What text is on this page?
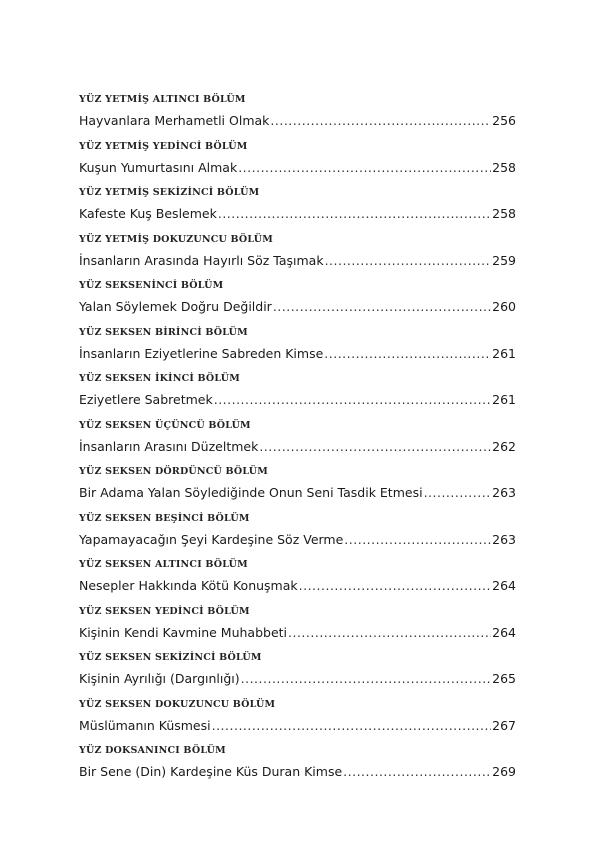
YÜZ YETMİŞ ALTINCI BÖLÜM
Hayvanlara Merhametli Olmak .....	256
YÜZ YETMİŞ YEDİNCİ BÖLÜM
Kuşun Yumurtasını Almak .....	258
YÜZ YETMİŞ SEKİZİNCİ BÖLÜM
Kafeste Kuş Beslemek .....	258
YÜZ YETMİŞ DOKUZUNCU BÖLÜM
İnsanların Arasında Hayırlı Söz Taşımak .....	259
YÜZ SEKSENİNCİ BÖLÜM
Yalan Söylemek Doğru Değildir .....	260
YÜZ SEKSEN BİRİNCİ BÖLÜM
İnsanların Eziyetlerine Sabreden Kimse .....	261
YÜZ SEKSEN İKİNCİ BÖLÜM
Eziyetlere Sabretmek .....	261
YÜZ SEKSEN ÜÇÜNCÜ BÖLÜM
İnsanların Arasını Düzeltmek .....	262
YÜZ SEKSEN DÖRDÜNCÜ BÖLÜM
Bir Adama Yalan Söylediğinde Onun Seni Tasdik Etmesi .....	263
YÜZ SEKSEN BEŞİNCİ BÖLÜM
Yapamayacağın Şeyi Kardeşine Söz Verme .....	263
YÜZ SEKSEN ALTINCI BÖLÜM
Nesepler Hakkında Kötü Konuşmak .....	264
YÜZ SEKSEN YEDİNCİ BÖLÜM
Kişinin Kendi Kavmine Muhabbeti .....	264
YÜZ SEKSEN SEKİZİNCİ BÖLÜM
Kişinin Ayrılığı (Dargınlığı) .....	265
YÜZ SEKSEN DOKUZUNCU BÖLÜM
Müslümanın Küsmesi .....	267
YÜZ DOKSANINCI BÖLÜM
Bir Sene (Din) Kardeşine Küs Duran Kimse .....	269
